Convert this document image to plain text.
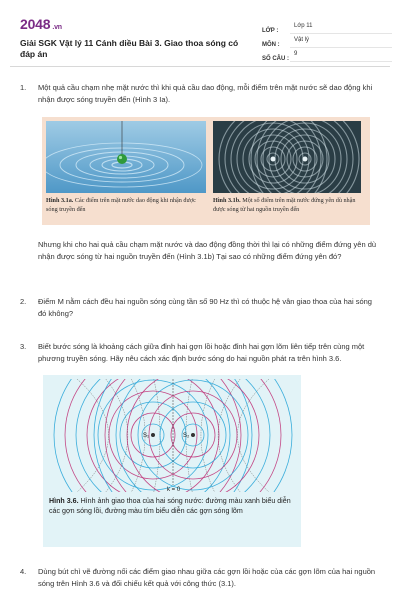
2048 .vn
Giải SGK Vật lý 11 Cánh diều Bài 3. Giao thoa sóng có đáp án
LỚP :
Lớp 11
MÔN :
Vật lý
SỐ CÂU :
9
1.	Một quả cầu chạm nhẹ mặt nước thì khi quả cầu dao động, mỗi điểm trên mặt nước sẽ dao động khi nhận được sóng truyền đến (Hình 3 Ia).
Hình 3.1a. Các điểm trên mặt nước dao động khi nhận được sóng truyền đến
Hình 3.1b. Một số điểm trên mặt nước đứng yên dù nhận được sóng từ hai nguồn truyền đến
Nhưng khi cho hai quả cầu chạm mặt nước và dao động đồng thời thì lại có những điểm đứng yên dù nhận được sóng từ hai nguồn truyền đến (Hình 3.1b) Tại sao có những điểm đứng yên đó?
2.	Điểm M nằm cách đều hai nguồn sóng cùng tần số 90 Hz thì có thuộc hệ vân giao thoa của hai sóng đó không?
3.	Biết bước sóng là khoảng cách giữa đỉnh hai gợn lồi hoặc đỉnh hai gợn lõm liên tiếp trên cùng một phương truyền sóng. Hãy nêu cách xác định bước sóng do hai nguồn phát ra trên hình 3.6.
S₁	S₂
k = 0
Hình 3.6. Hình ảnh giao thoa của hai sóng nước: đường màu xanh biểu diễn các gợn sóng lồi, đường màu tím biểu diễn các gợn sóng lõm
4.	Dùng bút chì vẽ đường nối các điểm giao nhau giữa các gợn lồi hoặc của các gợn lõm của hai nguồn sóng trên Hình 3.6 và đối chiếu kết quả với công thức (3.1).
